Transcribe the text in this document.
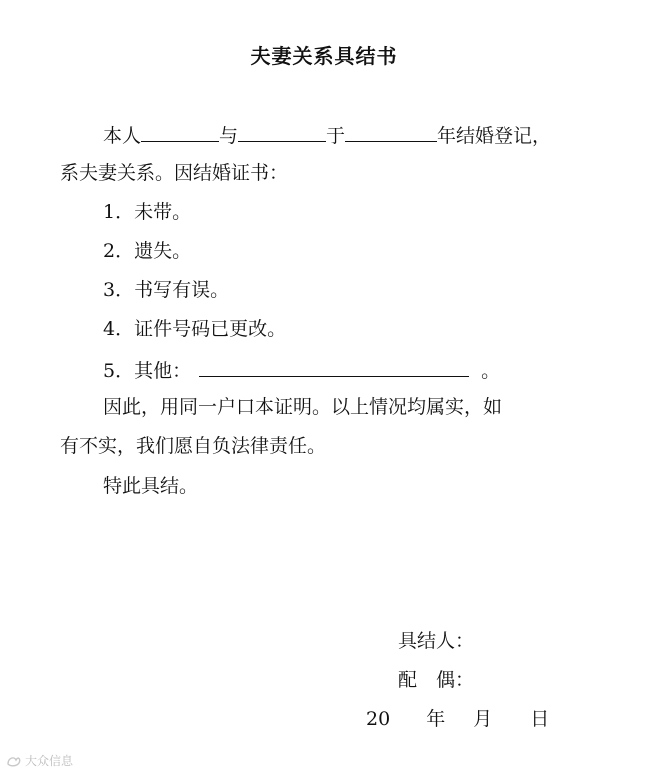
夫妻关系具结书
本人	与	于	年结婚登记，
系夫妻关系。因结婚证书：
1．未带。
2．遗失。
3．书写有误。
4．证件号码已更改。
5．其他：	。
因此，用同一户口本证明。以上情况均属实，如
有不实，我们愿自负法律责任。
特此具结。
具结人：
配　偶：
20 年 月 日
大众信息
